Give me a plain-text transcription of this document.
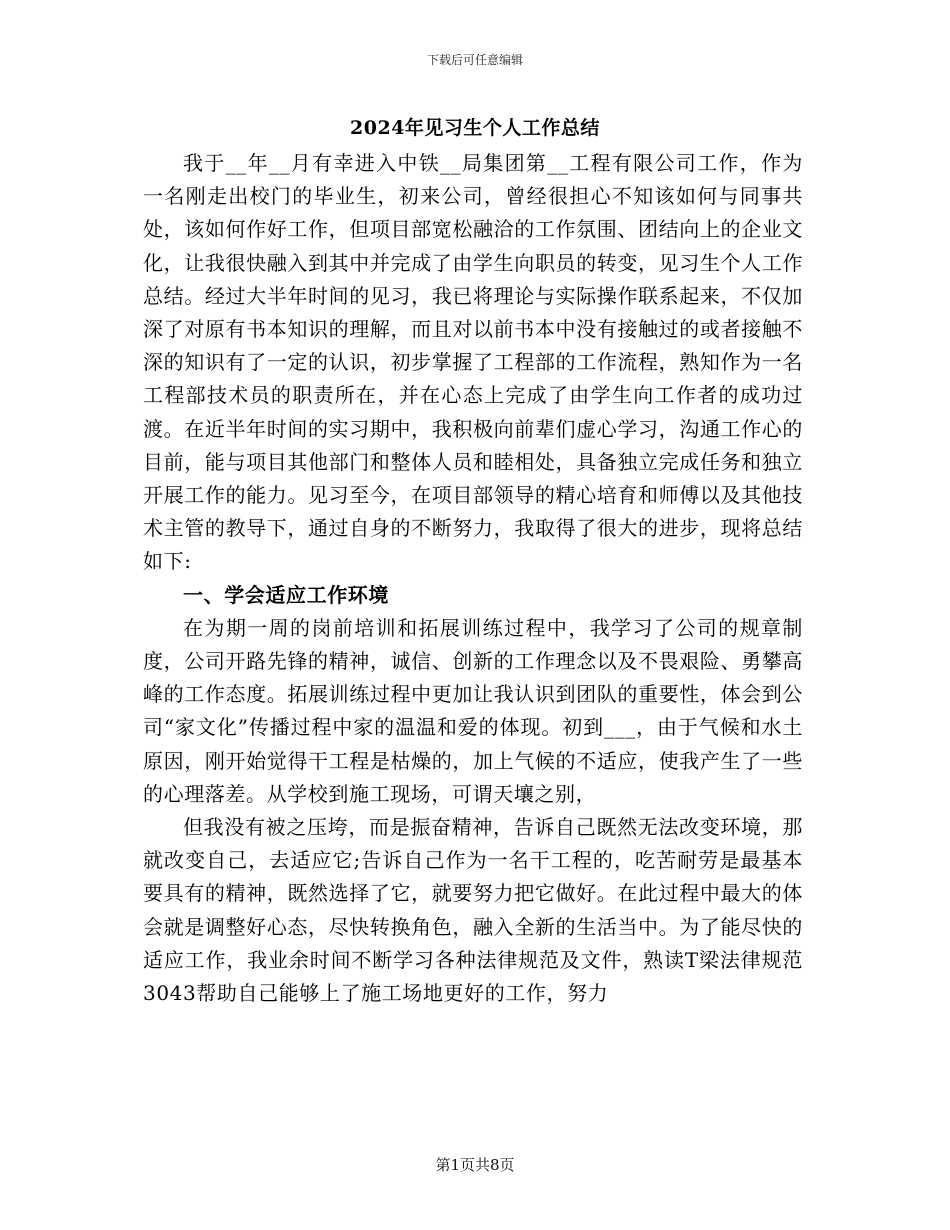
下载后可任意编辑
2024年见习生个人工作总结

我于__年__月有幸进入中铁__局集团第__工程有限公司工作，作为一名刚走出校门的毕业生，初来公司，曾经很担心不知该如何与同事共处，该如何作好工作，但项目部宽松融洽的工作氛围、团结向上的企业文化，让我很快融入到其中并完成了由学生向职员的转变，见习生个人工作总结。经过大半年时间的见习，我已将理论与实际操作联系起来，不仅加深了对原有书本知识的理解，而且对以前书本中没有接触过的或者接触不深的知识有了一定的认识，初步掌握了工程部的工作流程，熟知作为一名工程部技术员的职责所在，并在心态上完成了由学生向工作者的成功过渡。在近半年时间的实习期中，我积极向前辈们虚心学习，沟通工作心的目前，能与项目其他部门和整体人员和睦相处，具备独立完成任务和独立开展工作的能力。见习至今，在项目部领导的精心培育和师傅以及其他技术主管的教导下，通过自身的不断努力，我取得了很大的进步，现将总结如下:

一、学会适应工作环境

在为期一周的岗前培训和拓展训练过程中，我学习了公司的规章制度，公司开路先锋的精神，诚信、创新的工作理念以及不畏艰险、勇攀高峰的工作态度。拓展训练过程中更加让我认识到团队的重要性，体会到公司“家文化”传播过程中家的温温和爱的体现。初到___，由于气候和水土原因，刚开始觉得干工程是枯燥的，加上气候的不适应，使我产生了一些的心理落差。从学校到施工现场，可谓天壤之别，

但我没有被之压垮，而是振奋精神，告诉自己既然无法改变环境，那就改变自己，去适应它;告诉自己作为一名干工程的，吃苦耐劳是最基本要具有的精神，既然选择了它，就要努力把它做好。在此过程中最大的体会就是调整好心态，尽快转换角色，融入全新的生活当中。为了能尽快的适应工作，我业余时间不断学习各种法律规范及文件，熟读T梁法律规范3043帮助自己能够上了施工场地更好的工作，努力

第1页共8页
